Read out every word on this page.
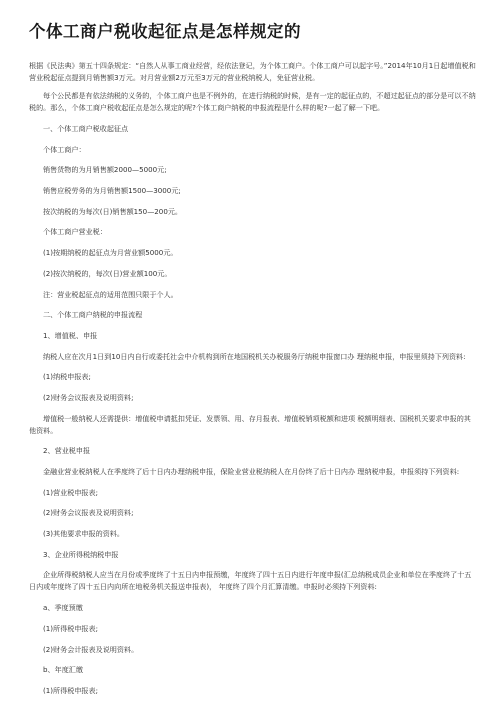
个体工商户税收起征点是怎样规定的

根据《民法典》第五十四条规定：“自然人从事工商业经营，经依法登记，为个体工商户。个体工商户可以起字号。”2014年10月1日起增值税和营业税起征点提到月销售额3万元。对月营业额2万元至3万元的营业税纳税人，免征营业税。

每个公民都是有依法纳税的义务的，个体工商户也是不例外的，在进行纳税的时候，是有一定的起征点的，不超过起征点的部分是可以不纳税的。那么，个体工商户税收起征点是怎么规定的呢?个体工商户纳税的申报流程是什么样的呢?一起了解一下吧。

一、个体工商户税收起征点

个体工商户：

销售货物的为月销售额2000—5000元;

销售应税劳务的为月销售额1500—3000元;

按次纳税的为每次(日)销售额150—200元。

个体工商户营业税：

(1)按期纳税的起征点为月营业额5000元。

(2)按次纳税的，每次(日)营业额100元。

注：营业税起征点的适用范围只限于个人。

二、个体工商户纳税的申报流程

1、增值税、申报

纳税人应在次月1日到10日内自行或委托社会中介机构到所在地国税机关办税服务厅纳税申报窗口办 理纳税申报，申报里须持下列资料:

(1)纳税申报表;

(2)财务会议报表及说明资料;

增值税一般纳税人还需提供：增值税申请抵扣凭证、发票领、用、存月报表、增值税销项税额和进项 税额明细表、国税机关要求申报的其他资料。

2、营业税申报

金融业营业税纳税人在季度终了后十日内办理纳税申报，保险业营业税纳税人在月份终了后十日内办 理纳税申报，申报须持下列资料:

(1)营业税申报表;

(2)财务会议报表及说明资料;

(3)其他要求申报的资料。

3、企业所得税纳税申报

企业所得税纳税人应当在月份或季度终了十五日内申报预缴，年度终了四十五日内进行年度申报(汇总纳税成员企业和单位在季度终了十五日内或年度终了四十五日内向所在地税务机关报送申报表)， 年度终了四个月汇算清缴。申报时必须持下列资料:

a、季度预缴

(1)所得税申报表;

(2)财务会计报表及说明资料。

b、年度汇缴

(1)所得税申报表;
